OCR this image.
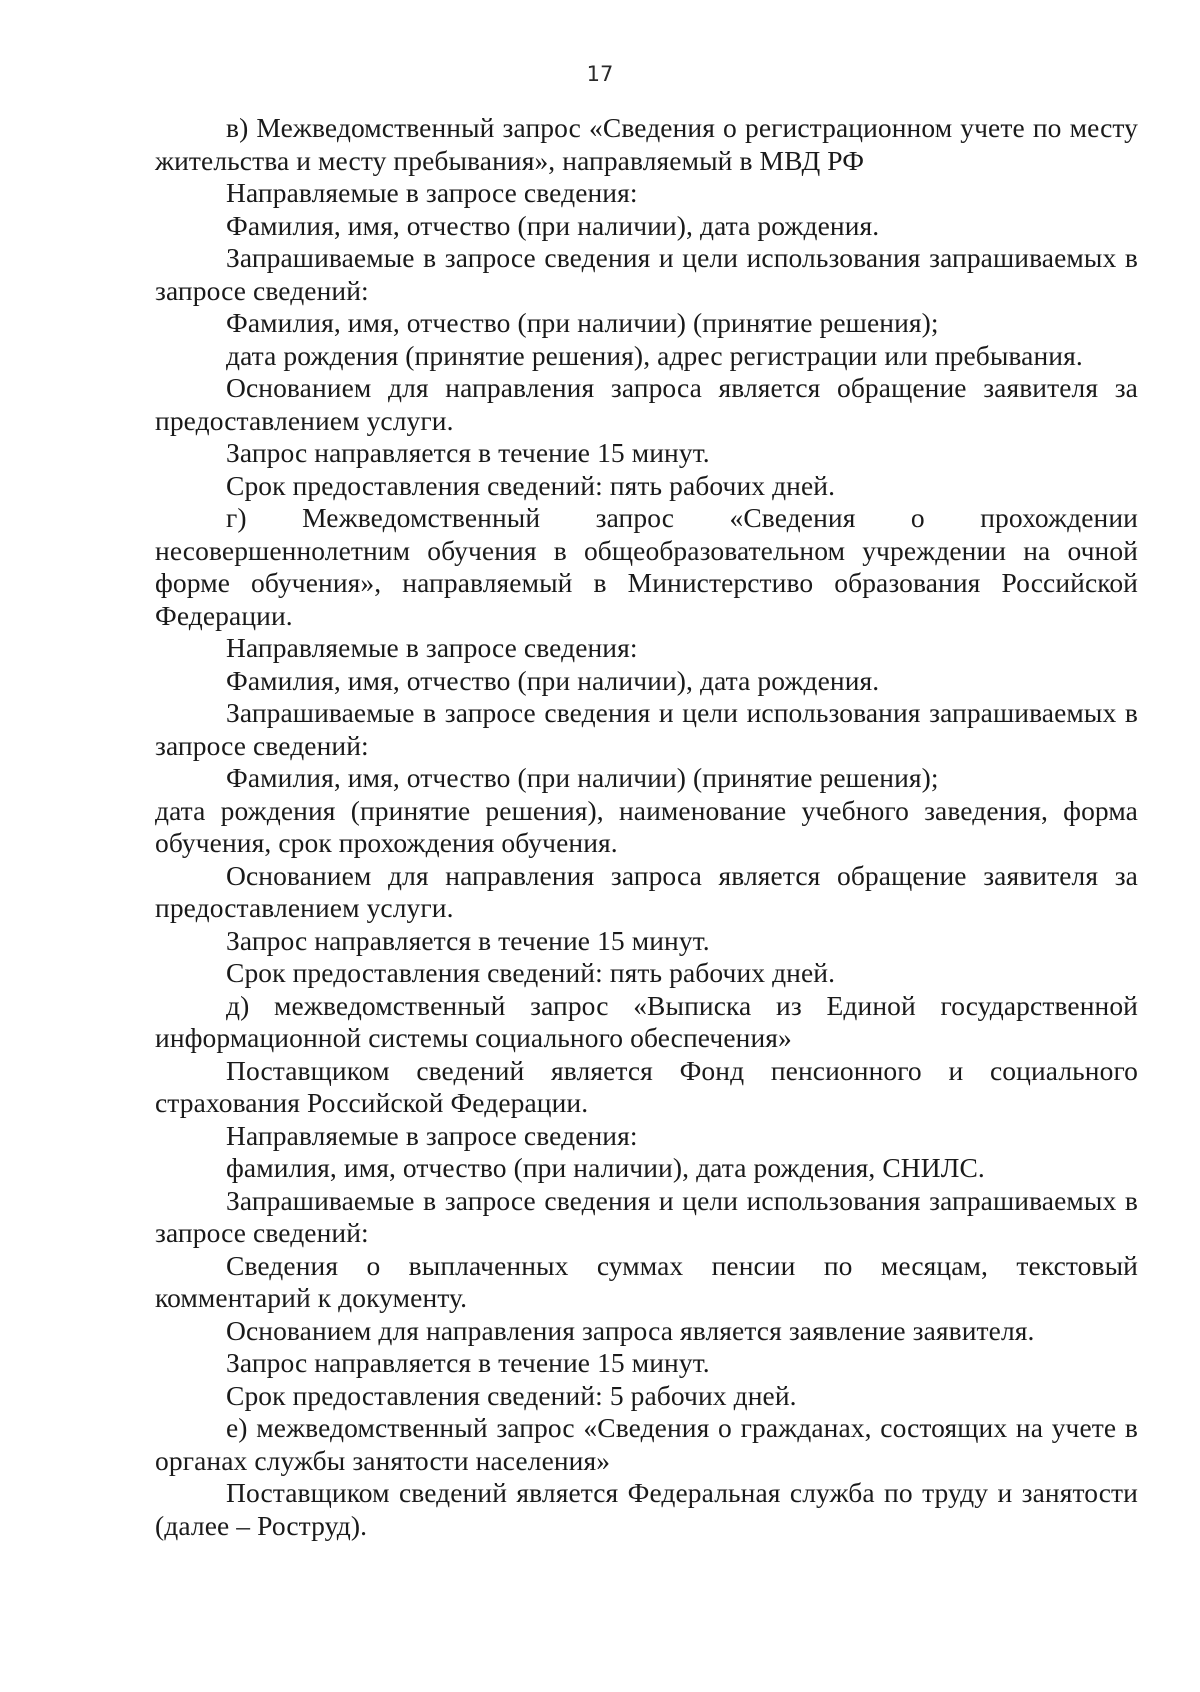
17

в) Межведомственный запрос «Сведения о регистрационном учете по месту жительства и месту пребывания», направляемый в МВД РФ

Направляемые в запросе сведения:

Фамилия, имя, отчество (при наличии), дата рождения.

Запрашиваемые в запросе сведения и цели использования запрашиваемых в запросе сведений:

Фамилия, имя, отчество (при наличии) (принятие решения);

дата рождения (принятие решения), адрес регистрации или пребывания.

Основанием для направления запроса является обращение заявителя за предоставлением услуги.

Запрос направляется в течение 15 минут.

Срок предоставления сведений: пять рабочих дней.

г) Межведомственный запрос «Сведения о прохождении несовершеннолетним обучения в общеобразовательном учреждении на очной форме обучения», направляемый в Министерстиво образования Российской Федерации.

Направляемые в запросе сведения:

Фамилия, имя, отчество (при наличии), дата рождения.

Запрашиваемые в запросе сведения и цели использования запрашиваемых в запросе сведений:

Фамилия, имя, отчество (при наличии) (принятие решения);

дата рождения (принятие решения), наименование учебного заведения, форма обучения, срок прохождения обучения.

Основанием для направления запроса является обращение заявителя за предоставлением услуги.

Запрос направляется в течение 15 минут.

Срок предоставления сведений: пять рабочих дней.

д) межведомственный запрос «Выписка из Единой государственной информационной системы социального обеспечения»

Поставщиком сведений является Фонд пенсионного и социального страхования Российской Федерации.

Направляемые в запросе сведения:

фамилия, имя, отчество (при наличии), дата рождения, СНИЛС.

Запрашиваемые в запросе сведения и цели использования запрашиваемых в запросе сведений:

Сведения о выплаченных суммах пенсии по месяцам, текстовый комментарий к документу.

Основанием для направления запроса является заявление заявителя.

Запрос направляется в течение 15 минут.

Срок предоставления сведений: 5 рабочих дней.

е) межведомственный запрос «Сведения о гражданах, состоящих на учете в органах службы занятости населения»

Поставщиком сведений является Федеральная служба по труду и занятости (далее – Роструд).
